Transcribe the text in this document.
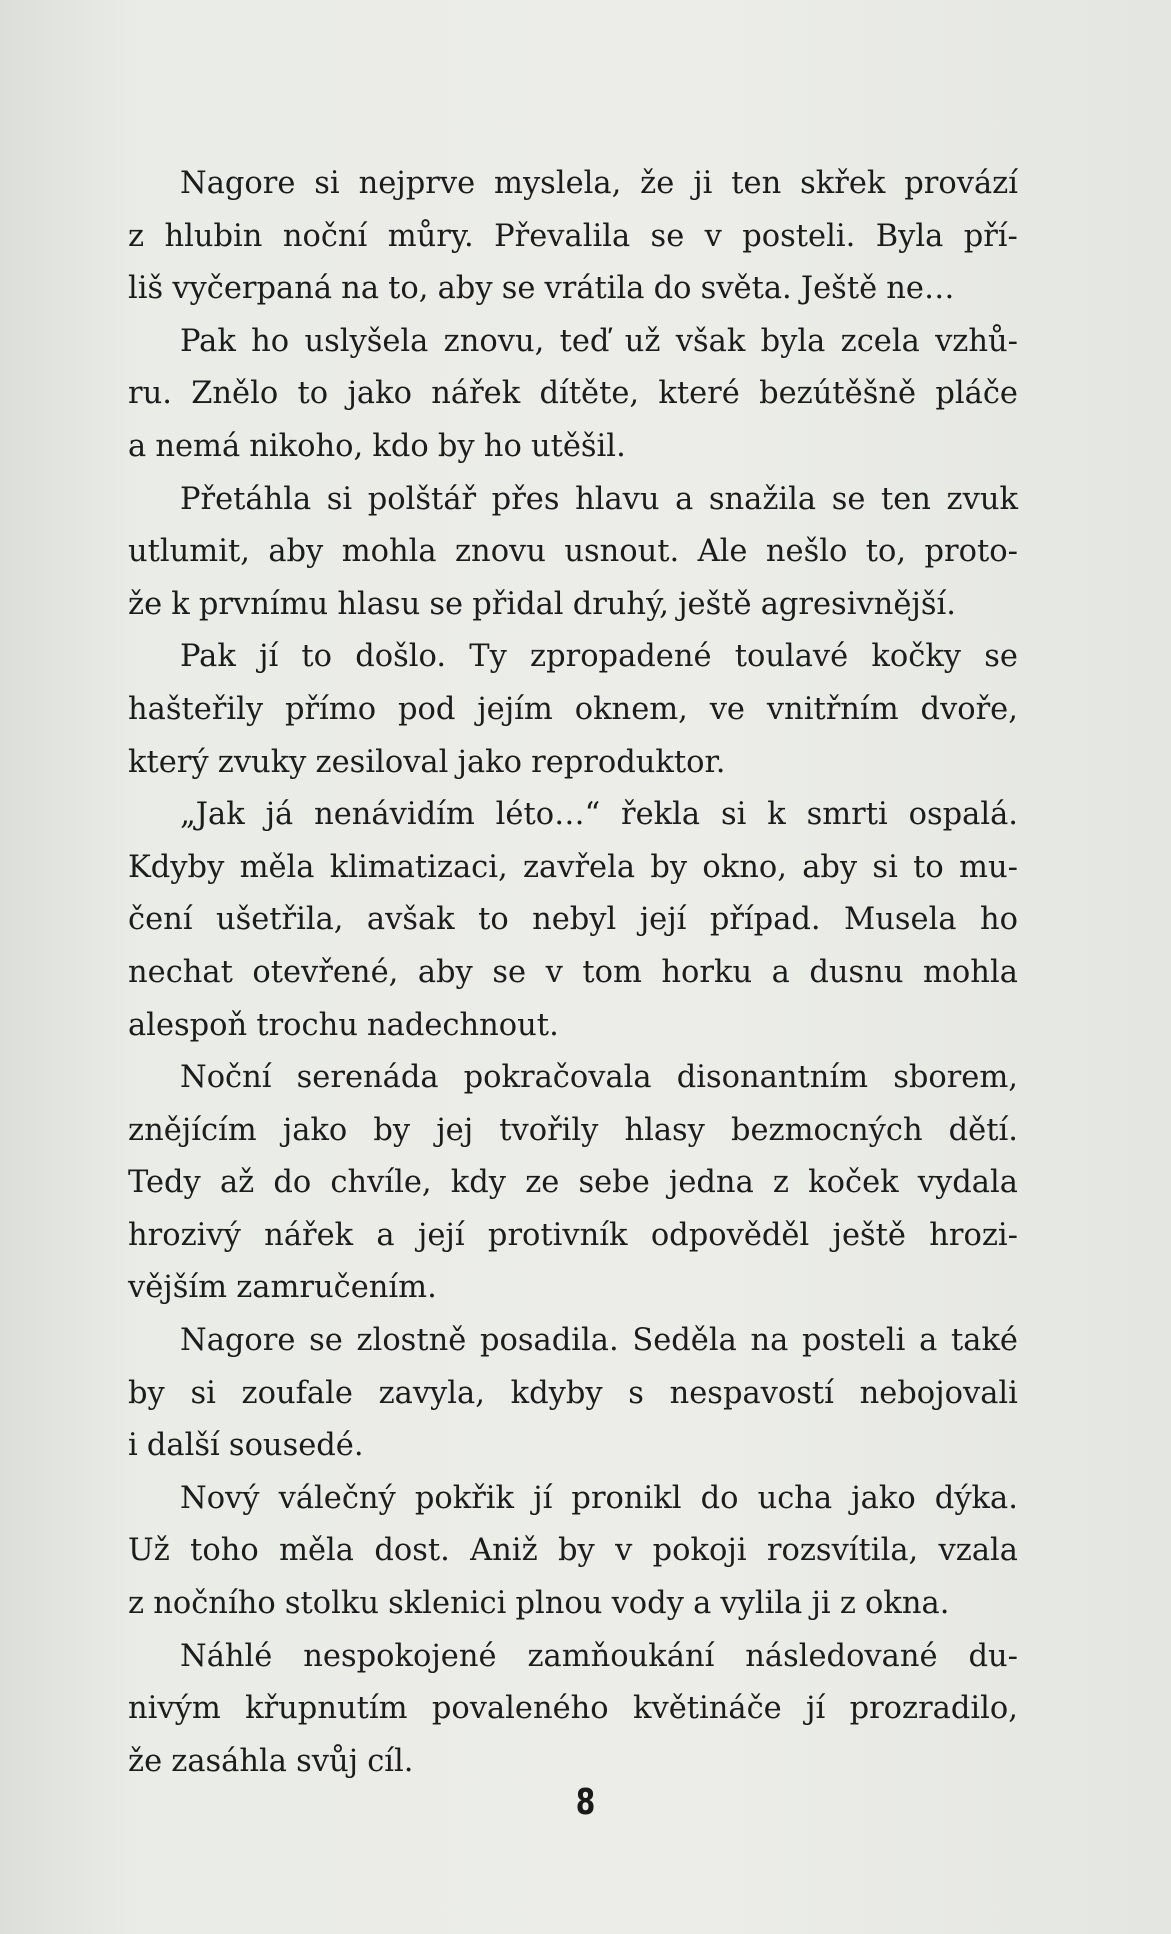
Nagore si nejprve myslela, že ji ten skřek provází
z hlubin noční můry. Převalila se v posteli. Byla pří-
liš vyčerpaná na to, aby se vrátila do světa. Ještě ne…
Pak ho uslyšela znovu, teď už však byla zcela vzhů-
ru. Znělo to jako nářek dítěte, které bezútěšně pláče
a nemá nikoho, kdo by ho utěšil.
Přetáhla si polštář přes hlavu a snažila se ten zvuk
utlumit, aby mohla znovu usnout. Ale nešlo to, proto-
že k prvnímu hlasu se přidal druhý, ještě agresivnější.
Pak jí to došlo. Ty zpropadené toulavé kočky se
hašteřily přímo pod jejím oknem, ve vnitřním dvoře,
který zvuky zesiloval jako reproduktor.
„Jak já nenávidím léto…“ řekla si k smrti ospalá.
Kdyby měla klimatizaci, zavřela by okno, aby si to mu-
čení ušetřila, avšak to nebyl její případ. Musela ho
nechat otevřené, aby se v tom horku a dusnu mohla
alespoň trochu nadechnout.
Noční serenáda pokračovala disonantním sborem,
znějícím jako by jej tvořily hlasy bezmocných dětí.
Tedy až do chvíle, kdy ze sebe jedna z koček vydala
hrozivý nářek a její protivník odpověděl ještě hrozi-
vějším zamručením.
Nagore se zlostně posadila. Seděla na posteli a také
by si zoufale zavyla, kdyby s nespavostí nebojovali
i další sousedé.
Nový válečný pokřik jí pronikl do ucha jako dýka.
Už toho měla dost. Aniž by v pokoji rozsvítila, vzala
z nočního stolku sklenici plnou vody a vylila ji z okna.
Náhlé nespokojené zamňoukání následované du-
nivým křupnutím povaleného květináče jí prozradilo,
že zasáhla svůj cíl.
8
